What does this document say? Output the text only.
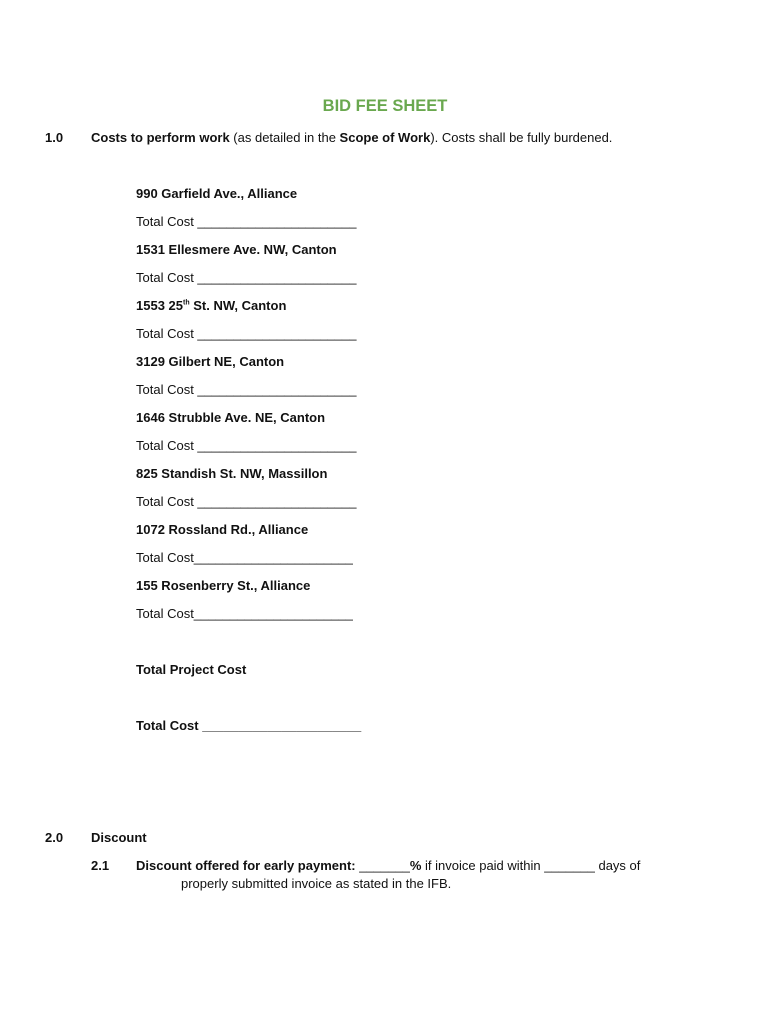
BID FEE SHEET
1.0 Costs to perform work (as detailed in the Scope of Work). Costs shall be fully burdened.
990 Garfield Ave., Alliance
Total Cost ______________________
1531 Ellesmere Ave. NW, Canton
Total Cost ______________________
1553 25th St. NW, Canton
Total Cost ______________________
3129 Gilbert NE, Canton
Total Cost ______________________
1646 Strubble Ave. NE, Canton
Total Cost ______________________
825 Standish St. NW, Massillon
Total Cost ______________________
1072 Rossland Rd., Alliance
Total Cost______________________
155 Rosenberry St., Alliance
Total Cost______________________
Total Project Cost
Total Cost ______________________
2.0 Discount
2.1 Discount offered for early payment: _______% if invoice paid within _______ days of
properly submitted invoice as stated in the IFB.
